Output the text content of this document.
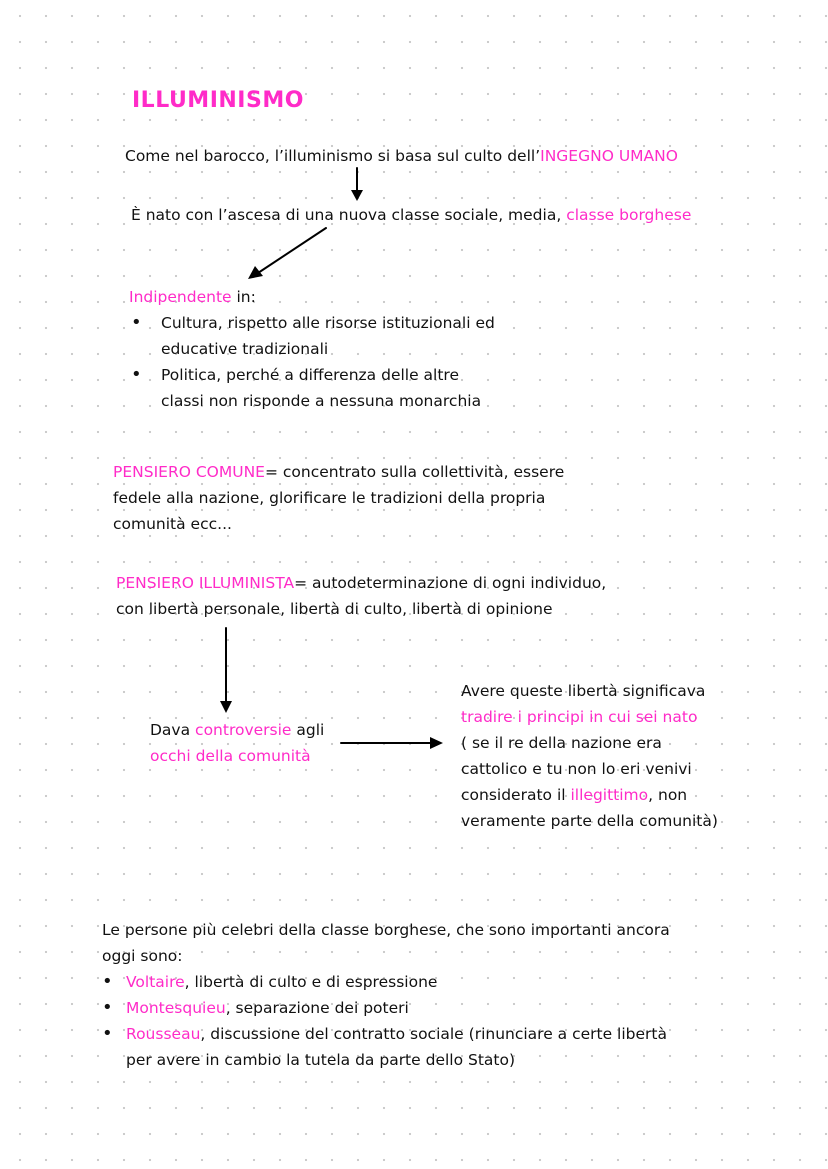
ILLUMINISMO
Come nel barocco, l’illuminismo si basa sul culto dell’INGEGNO UMANO
È nato con l’ascesa di una nuova classe sociale, media, classe borghese
Indipendente in:
• Cultura, rispetto alle risorse istituzionali ed
educative tradizionali
• Politica, perché a differenza delle altre
classi non risponde a nessuna monarchia
PENSIERO COMUNE= concentrato sulla collettività, essere
fedele alla nazione, glorificare le tradizioni della propria
comunità ecc...
PENSIERO ILLUMINISTA= autodeterminazione di ogni individuo,
con libertà personale, libertà di culto, libertà di opinione
Dava controversie agli
occhi della comunità
Avere queste libertà significava
tradire i principi in cui sei nato
( se il re della nazione era
cattolico e tu non lo eri venivi
considerato il illegittimo, non
veramente parte della comunità)
Le persone più celebri della classe borghese, che sono importanti ancora
oggi sono:
• Voltaire, libertà di culto e di espressione
• Montesquieu, separazione dei poteri
• Rousseau, discussione del contratto sociale (rinunciare a certe libertà
per avere in cambio la tutela da parte dello Stato)
